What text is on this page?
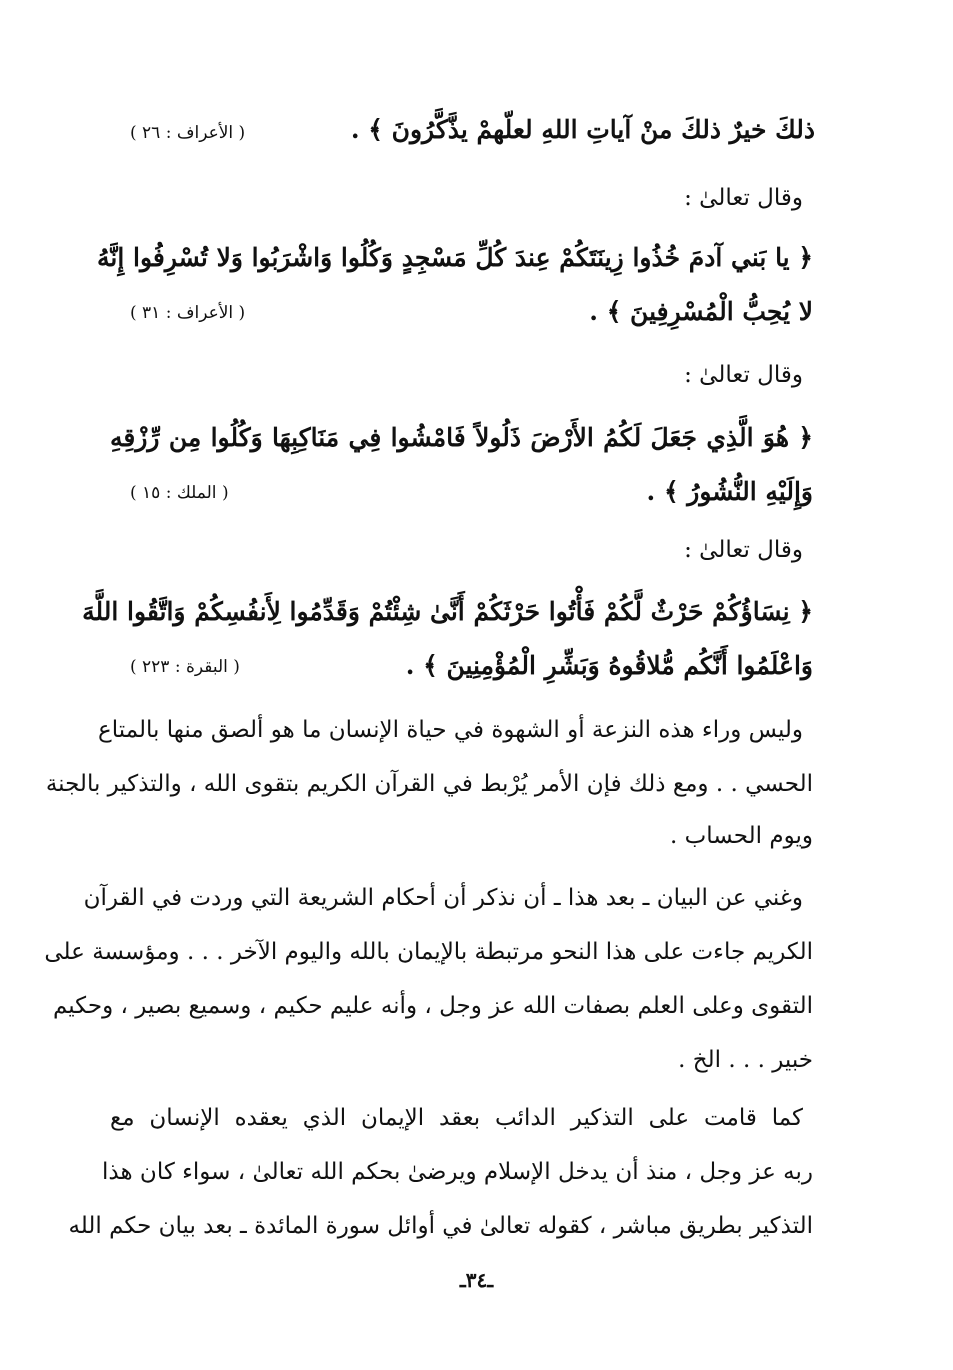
ذلكَ خيرٌ ذلكَ منْ آياتِ اللهِ لعلّهمْ يذَّكَّرُونَ ﴾ .
( الأعراف : ٢٦ )
وقال تعالىٰ :
﴿ يا بَني آدمَ خُذُوا زِينَتَكُمْ عِندَ كُلِّ مَسْجِدٍ وَكُلُوا وَاشْرَبُوا وَلا تُسْرِفُوا إِنَّهُ
لا يُحِبُّ الْمُسْرِفِينَ ﴾ .
( الأعراف : ٣١ )
وقال تعالىٰ :
﴿ هُوَ الَّذِي جَعَلَ لَكُمُ الأَرْضَ ذَلُولاً فَامْشُوا فِي مَنَاكِبِهَا وَكُلُوا مِن رِّزْقِهِ
وَإِلَيْهِ النُّشُورُ ﴾ .
( الملك : ١٥ )
وقال تعالىٰ :
﴿ نِسَاؤُكُمْ حَرْثٌ لَّكُمْ فَأْتُوا حَرْثَكُمْ أَنَّىٰ شِئْتُمْ وَقَدِّمُوا لِأَنفُسِكُمْ وَاتَّقُوا اللَّهَ
وَاعْلَمُوا أَنَّكُم مُّلاقُوهُ وَبَشِّرِ الْمُؤْمِنِينَ ﴾ .
( البقرة : ٢٢٣ )
وليس وراء هذه النزعة أو الشهوة في حياة الإنسان ما هو ألصق منها بالمتاع
الحسي . . ومع ذلك فإن الأمر يُرْبط في القرآن الكريم بتقوى الله ، والتذكير بالجنة
ويوم الحساب .
وغني عن البيان ـ بعد هذا ـ أن نذكر أن أحكام الشريعة التي وردت في القرآن
الكريم جاءت على هذا النحو مرتبطة بالإيمان بالله واليوم الآخر . . . ومؤسسة على
التقوى وعلى العلم بصفات الله عز وجل ، وأنه عليم حكيم ، وسميع بصير ، وحكيم
خبير . . . الخ .
كما قامت على التذكير الدائب بعقد الإيمان الذي يعقده الإنسان مع
ربه عز وجل ، منذ أن يدخل الإسلام ويرضىٰ بحكم الله تعالىٰ ، سواء كان هذا
التذكير بطريق مباشر ، كقوله تعالىٰ في أوائل سورة المائدة ـ بعد بيان حكم الله
ـ٣٤ـ
